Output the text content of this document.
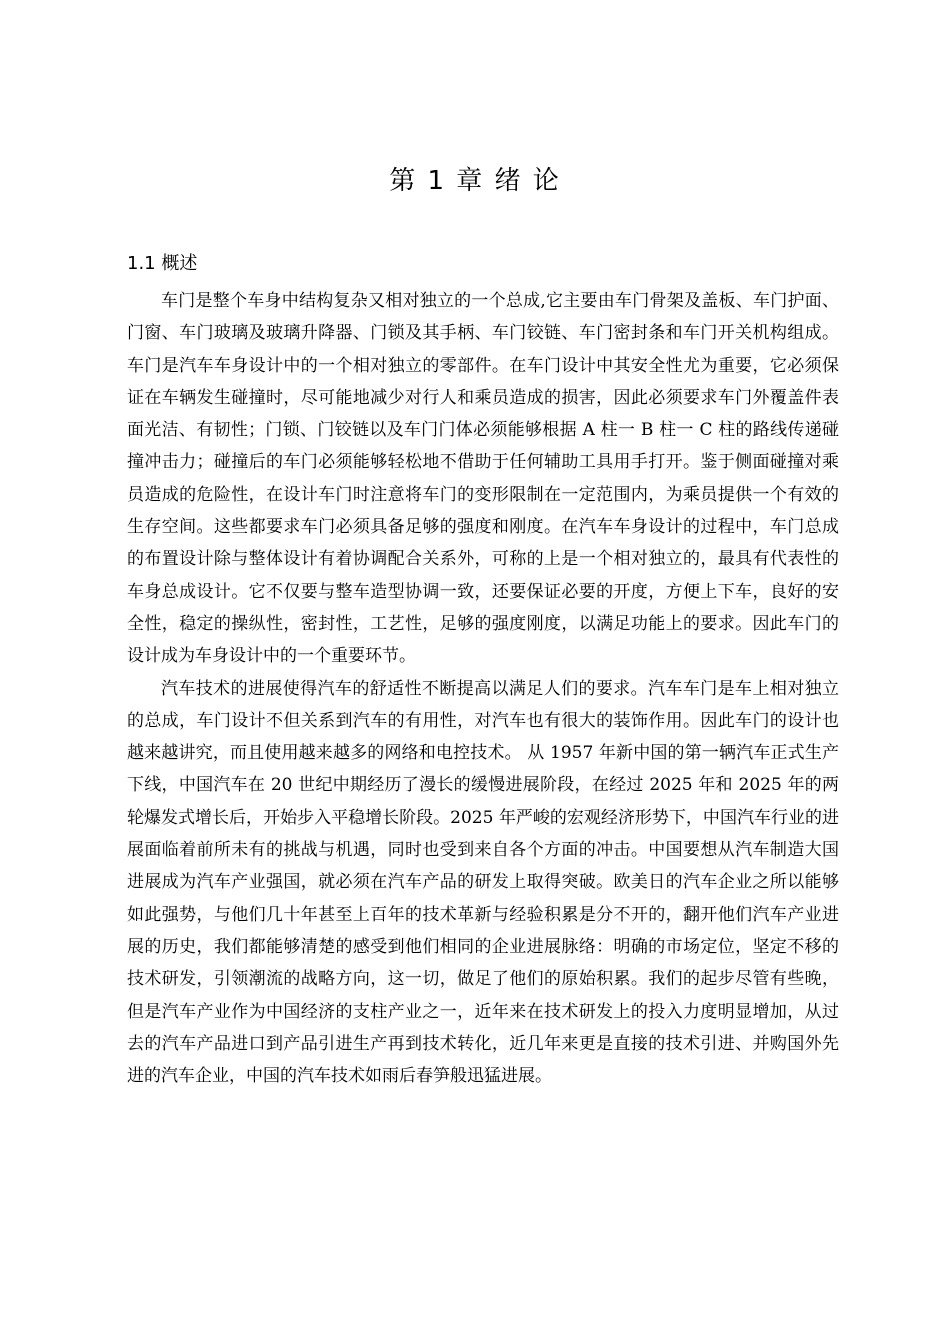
第 1 章 绪 论
1.1 概述

车门是整个车身中结构复杂又相对独立的一个总成,它主要由车门骨架及盖板、车门护面、门窗、车门玻璃及玻璃升降器、门锁及其手柄、车门铰链、车门密封条和车门开关机构组成。车门是汽车车身设计中的一个相对独立的零部件。在车门设计中其安全性尤为重要，它必须保证在车辆发生碰撞时，尽可能地减少对行人和乘员造成的损害，因此必须要求车门外覆盖件表面光洁、有韧性；门锁、门铰链以及车门门体必须能够根据 A 柱一 B 柱一 C 柱的路线传递碰撞冲击力；碰撞后的车门必须能够轻松地不借助于任何辅助工具用手打开。鉴于侧面碰撞对乘员造成的危险性，在设计车门时注意将车门的变形限制在一定范围内，为乘员提供一个有效的生存空间。这些都要求车门必须具备足够的强度和刚度。在汽车车身设计的过程中，车门总成的布置设计除与整体设计有着协调配合关系外，可称的上是一个相对独立的，最具有代表性的车身总成设计。它不仅要与整车造型协调一致，还要保证必要的开度，方便上下车，良好的安全性，稳定的操纵性，密封性，工艺性，足够的强度刚度，以满足功能上的要求。因此车门的设计成为车身设计中的一个重要环节。

汽车技术的进展使得汽车的舒适性不断提高以满足人们的要求。汽车车门是车上相对独立的总成，车门设计不但关系到汽车的有用性，对汽车也有很大的装饰作用。因此车门的设计也越来越讲究，而且使用越来越多的网络和电控技术。 从 1957 年新中国的第一辆汽车正式生产下线，中国汽车在 20 世纪中期经历了漫长的缓慢进展阶段，在经过 2025 年和 2025 年的两轮爆发式增长后，开始步入平稳增长阶段。2025 年严峻的宏观经济形势下，中国汽车行业的进展面临着前所未有的挑战与机遇，同时也受到来自各个方面的冲击。中国要想从汽车制造大国进展成为汽车产业强国，就必须在汽车产品的研发上取得突破。欧美日的汽车企业之所以能够如此强势，与他们几十年甚至上百年的技术革新与经验积累是分不开的，翻开他们汽车产业进展的历史，我们都能够清楚的感受到他们相同的企业进展脉络：明确的市场定位，坚定不移的技术研发，引领潮流的战略方向，这一切，做足了他们的原始积累。我们的起步尽管有些晚，但是汽车产业作为中国经济的支柱产业之一，近年来在技术研发上的投入力度明显增加，从过去的汽车产品进口到产品引进生产再到技术转化，近几年来更是直接的技术引进、并购国外先进的汽车企业，中国的汽车技术如雨后春笋般迅猛进展。
